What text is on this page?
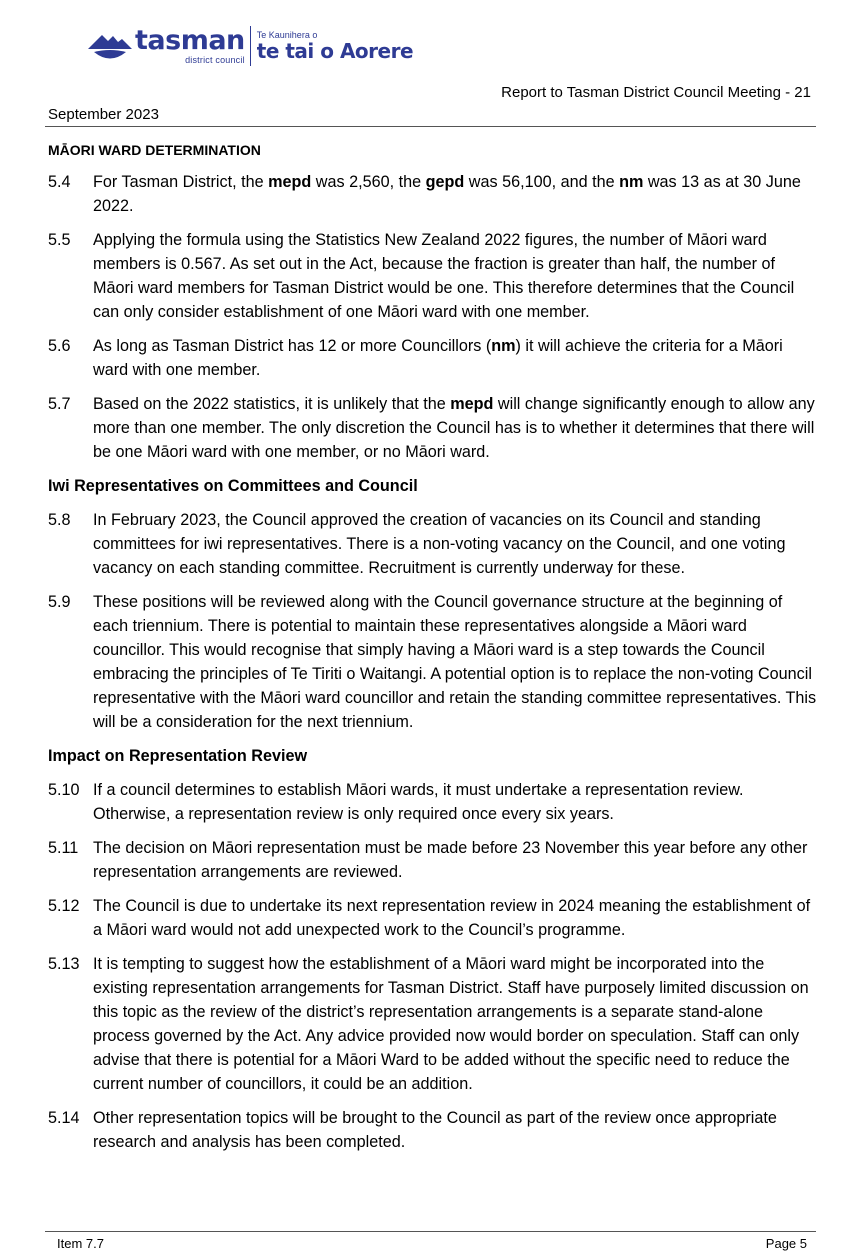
tasman
district council
Te Kaunihera o
te tai o Aorere
Report to Tasman District Council Meeting - 21
September 2023
MĀORI WARD DETERMINATION
5.4	For Tasman District, the mepd was 2,560, the gepd was 56,100, and the nm was 13 as at 30 June 2022.
5.5	Applying the formula using the Statistics New Zealand 2022 figures, the number of Māori ward members is 0.567. As set out in the Act, because the fraction is greater than half, the number of Māori ward members for Tasman District would be one. This therefore determines that the Council can only consider establishment of one Māori ward with one member.
5.6	As long as Tasman District has 12 or more Councillors (nm) it will achieve the criteria for a Māori ward with one member.
5.7	Based on the 2022 statistics, it is unlikely that the mepd will change significantly enough to allow any more than one member. The only discretion the Council has is to whether it determines that there will be one Māori ward with one member, or no Māori ward.
Iwi Representatives on Committees and Council
5.8	In February 2023, the Council approved the creation of vacancies on its Council and standing committees for iwi representatives. There is a non-voting vacancy on the Council, and one voting vacancy on each standing committee. Recruitment is currently underway for these.
5.9	These positions will be reviewed along with the Council governance structure at the beginning of each triennium. There is potential to maintain these representatives alongside a Māori ward councillor. This would recognise that simply having a Māori ward is a step towards the Council embracing the principles of Te Tiriti o Waitangi. A potential option is to replace the non-voting Council representative with the Māori ward councillor and retain the standing committee representatives. This will be a consideration for the next triennium.
Impact on Representation Review
5.10 If a council determines to establish Māori wards, it must undertake a representation review. Otherwise, a representation review is only required once every six years.
5.11 The decision on Māori representation must be made before 23 November this year before any other representation arrangements are reviewed.
5.12 The Council is due to undertake its next representation review in 2024 meaning the establishment of a Māori ward would not add unexpected work to the Council’s programme.
5.13 It is tempting to suggest how the establishment of a Māori ward might be incorporated into the existing representation arrangements for Tasman District. Staff have purposely limited discussion on this topic as the review of the district’s representation arrangements is a separate stand-alone process governed by the Act. Any advice provided now would border on speculation. Staff can only advise that there is potential for a Māori Ward to be added without the specific need to reduce the current number of councillors, it could be an addition.
5.14 Other representation topics will be brought to the Council as part of the review once appropriate research and analysis has been completed.
Item 7.7	Page 5
